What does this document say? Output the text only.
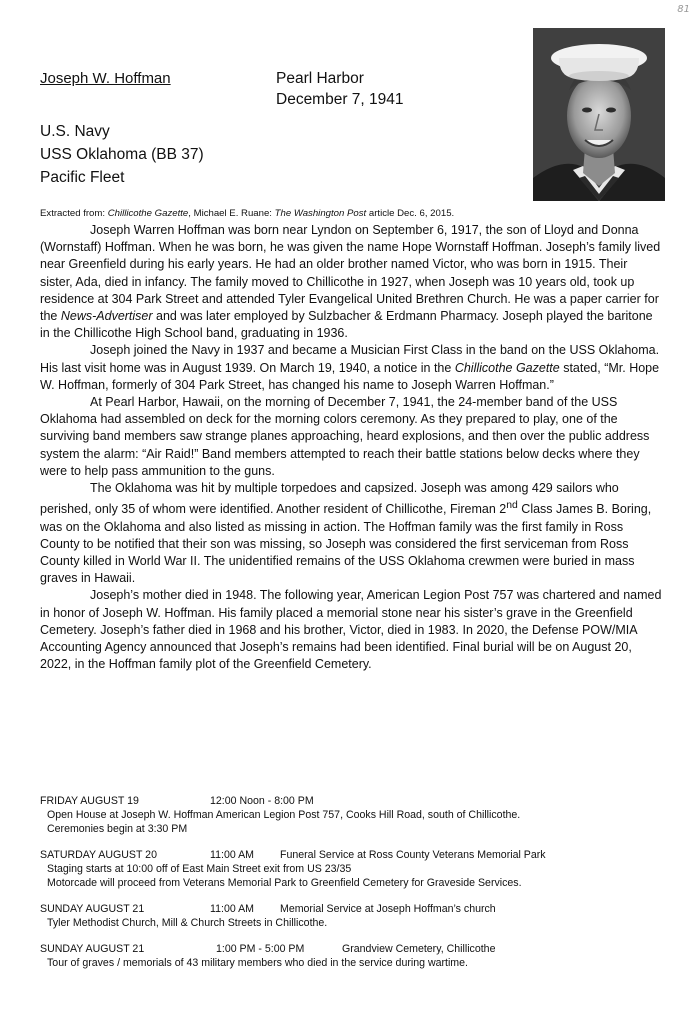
81
Joseph W. Hoffman	Pearl Harbor
December 7, 1941
U.S. Navy
USS Oklahoma (BB 37)
Pacific Fleet
Extracted from: Chillicothe Gazette, Michael E. Ruane: The Washington Post article Dec. 6, 2015.

Joseph Warren Hoffman was born near Lyndon on September 6, 1917, the son of Lloyd and Donna (Wornstaff) Hoffman. When he was born, he was given the name Hope Wornstaff Hoffman. Joseph’s family lived near Greenfield during his early years. He had an older brother named Victor, who was born in 1915. Their sister, Ada, died in infancy. The family moved to Chillicothe in 1927, when Joseph was 10 years old, took up residence at 304 Park Street and attended Tyler Evangelical United Brethren Church. He was a paper carrier for the News-Advertiser and was later employed by Sulzbacher & Erdmann Pharmacy. Joseph played the baritone in the Chillicothe High School band, graduating in 1936.

Joseph joined the Navy in 1937 and became a Musician First Class in the band on the USS Oklahoma. His last visit home was in August 1939. On March 19, 1940, a notice in the Chillicothe Gazette stated, “Mr. Hope W. Hoffman, formerly of 304 Park Street, has changed his name to Joseph Warren Hoffman.”

At Pearl Harbor, Hawaii, on the morning of December 7, 1941, the 24-member band of the USS Oklahoma had assembled on deck for the morning colors ceremony. As they prepared to play, one of the surviving band members saw strange planes approaching, heard explosions, and then over the public address system the alarm: “Air Raid!” Band members attempted to reach their battle stations below decks where they were to help pass ammunition to the guns.

The Oklahoma was hit by multiple torpedoes and capsized. Joseph was among 429 sailors who perished, only 35 of whom were identified. Another resident of Chillicothe, Fireman 2nd Class James B. Boring, was on the Oklahoma and also listed as missing in action. The Hoffman family was the first family in Ross County to be notified that their son was missing, so Joseph was considered the first serviceman from Ross County killed in World War II. The unidentified remains of the USS Oklahoma crewmen were buried in mass graves in Hawaii.

Joseph’s mother died in 1948. The following year, American Legion Post 757 was chartered and named in honor of Joseph W. Hoffman. His family placed a memorial stone near his sister’s grave in the Greenfield Cemetery. Joseph’s father died in 1968 and his brother, Victor, died in 1983. In 2020, the Defense POW/MIA Accounting Agency announced that Joseph’s remains had been identified. Final burial will be on August 20, 2022, in the Hoffman family plot of the Greenfield Cemetery.

FRIDAY AUGUST 19	12:00 Noon - 8:00 PM
Open House at Joseph W. Hoffman American Legion Post 757, Cooks Hill Road, south of Chillicothe.
Ceremonies begin at 3:30 PM
SATURDAY AUGUST 20	11:00 AM Funeral Service at Ross County Veterans Memorial Park
Staging starts at 10:00 off of East Main Street exit from US 23/35
Motorcade will proceed from Veterans Memorial Park to Greenfield Cemetery for Graveside Services.
SUNDAY AUGUST 21	11:00 AM Memorial Service at Joseph Hoffman’s church
Tyler Methodist Church, Mill & Church Streets in Chillicothe.
SUNDAY AUGUST 21	1:00 PM - 5:00 PM	Grandview Cemetery, Chillicothe
Tour of graves / memorials of 43 military members who died in the service during wartime.
